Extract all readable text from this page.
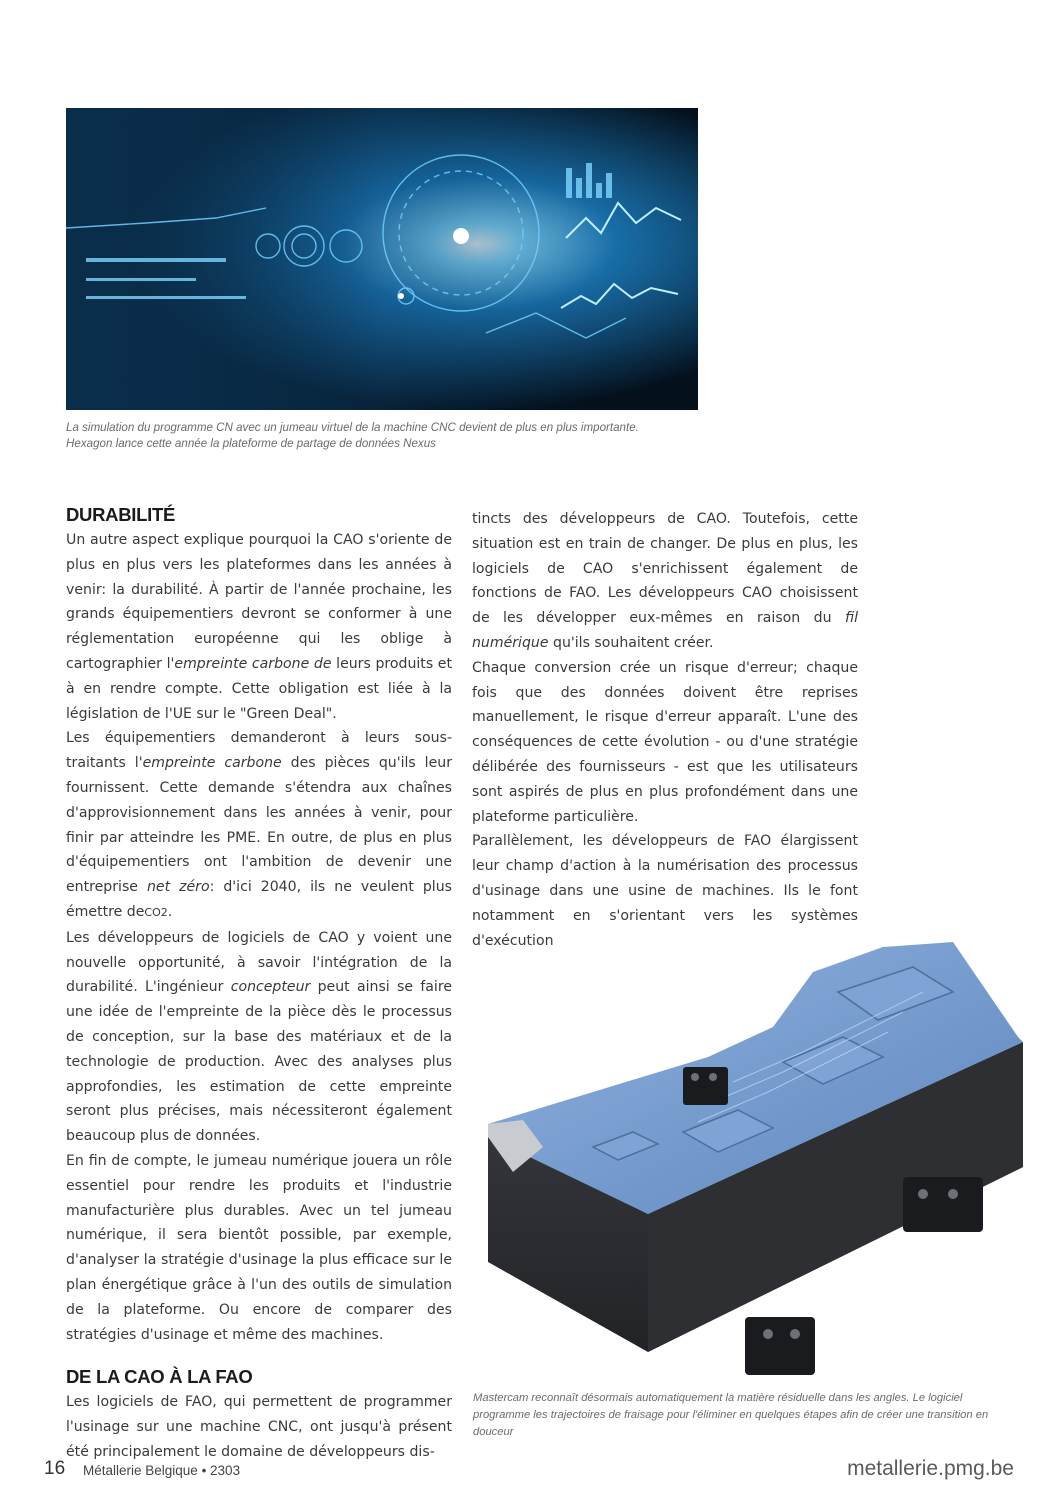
La simulation du programme CN avec un jumeau virtuel de la machine CNC devient de plus en plus importante.
Hexagon lance cette année la plateforme de partage de données Nexus
DURABILITÉ

Un autre aspect explique pourquoi la CAO s'oriente de plus en plus vers les plateformes dans les années à venir: la durabilité. À partir de l'année prochaine, les grands équipementiers devront se conformer à une réglementation européenne qui les oblige à cartographier l'empreinte carbone de leurs produits et à en rendre compte. Cette obligation est liée à la législation de l'UE sur le "Green Deal".

Les équipementiers demanderont à leurs sous-traitants l'empreinte carbone des pièces qu'ils leur fournissent. Cette demande s'étendra aux chaînes d'approvisionnement dans les années à venir, pour finir par atteindre les PME. En outre, de plus en plus d'équipementiers ont l'ambition de devenir une entreprise net zéro: d'ici 2040, ils ne veulent plus émettre deCO2.

Les développeurs de logiciels de CAO y voient une nouvelle opportunité, à savoir l'intégration de la durabilité. L'ingénieur concepteur peut ainsi se faire une idée de l'empreinte de la pièce dès le processus de conception, sur la base des matériaux et de la technologie de production. Avec des analyses plus approfondies, les estimation de cette empreinte seront plus précises, mais nécessiteront également beaucoup plus de données.

En fin de compte, le jumeau numérique jouera un rôle essentiel pour rendre les produits et l'industrie manufacturière plus durables. Avec un tel jumeau numérique, il sera bientôt possible, par exemple, d'analyser la stratégie d'usinage la plus efficace sur le plan énergétique grâce à l'un des outils de simulation de la plateforme. Ou encore de comparer des stratégies d'usinage et même des machines.

DE LA CAO À LA FAO

Les logiciels de FAO, qui permettent de programmer l'usinage sur une machine CNC, ont jusqu'à présent été principalement le domaine de développeurs dis-

tincts des développeurs de CAO. Toutefois, cette situation est en train de changer. De plus en plus, les logiciels de CAO s'enrichissent également de fonctions de FAO. Les développeurs CAO choisissent de les développer eux-mêmes en raison du fil numérique qu'ils souhaitent créer.

Chaque conversion crée un risque d'erreur; chaque fois que des données doivent être reprises manuellement, le risque d'erreur apparaît. L'une des conséquences de cette évolution - ou d'une stratégie délibérée des fournisseurs - est que les utilisateurs sont aspirés de plus en plus profondément dans une plateforme particulière.

Parallèlement, les développeurs de FAO élargissent leur champ d'action à la numérisation des processus d'usinage dans une usine de machines. Ils le font notamment en s'orientant vers les systèmes d'exécution

Mastercam reconnaît désormais automatiquement la matière résiduelle dans les angles. Le logiciel programme les trajectoires de fraisage pour l'éliminer en quelques étapes afin de créer une transition en douceur
16 Métallerie Belgique • 2303	metallerie.pmg.be
